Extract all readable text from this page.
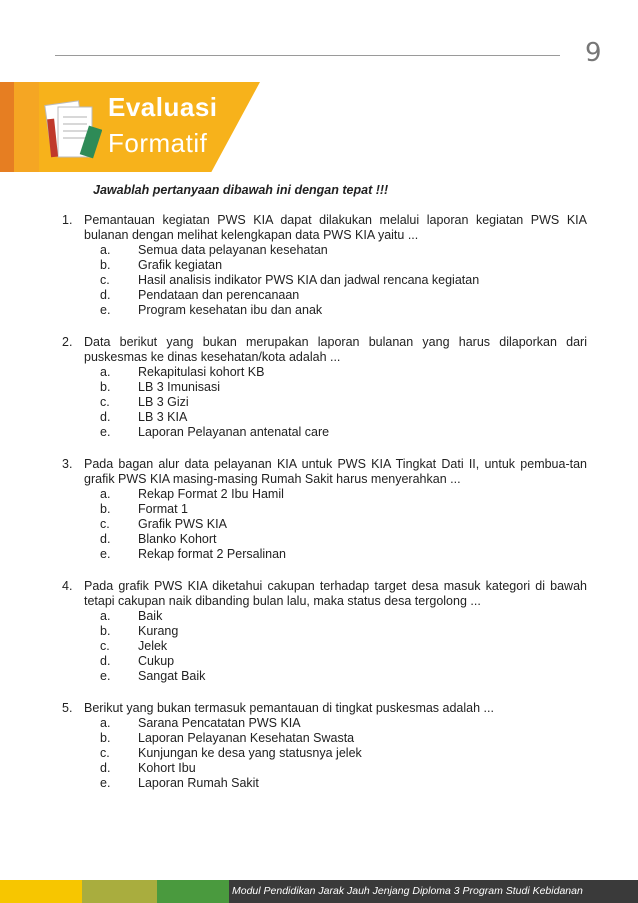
9
Evaluasi
Formatif
Jawablah pertanyaan dibawah ini dengan tepat !!!
1. Pemantauan kegiatan PWS KIA dapat dilakukan melalui laporan kegiatan PWS KIA bulanan dengan melihat kelengkapan data PWS KIA yaitu ...
a. Semua data pelayanan kesehatan
b. Grafik kegiatan
c. Hasil analisis indikator PWS KIA dan jadwal rencana kegiatan
d. Pendataan dan perencanaan
e. Program kesehatan ibu dan anak
2. Data berikut yang bukan merupakan laporan bulanan yang harus dilaporkan dari puskesmas ke dinas kesehatan/kota adalah ...
a. Rekapitulasi kohort KB
b. LB 3 Imunisasi
c. LB 3 Gizi
d. LB 3 KIA
e. Laporan Pelayanan antenatal care
3. Pada bagan alur data pelayanan KIA untuk PWS KIA Tingkat Dati II, untuk pembua-tan grafik PWS KIA masing-masing Rumah Sakit harus menyerahkan ...
a. Rekap Format 2 Ibu Hamil
b. Format 1
c. Grafik PWS KIA
d. Blanko Kohort
e. Rekap format 2 Persalinan
4. Pada grafik PWS KIA diketahui cakupan terhadap target desa masuk kategori di bawah tetapi cakupan naik dibanding bulan lalu, maka status desa tergolong ...
a. Baik
b. Kurang
c. Jelek
d. Cukup
e. Sangat Baik
5. Berikut yang bukan termasuk pemantauan di tingkat puskesmas adalah ...
a. Sarana Pencatatan PWS KIA
b. Laporan Pelayanan Kesehatan Swasta
c. Kunjungan ke desa yang statusnya jelek
d. Kohort Ibu
e. Laporan Rumah Sakit
Modul Pendidikan Jarak Jauh Jenjang Diploma 3 Program Studi Kebidanan
